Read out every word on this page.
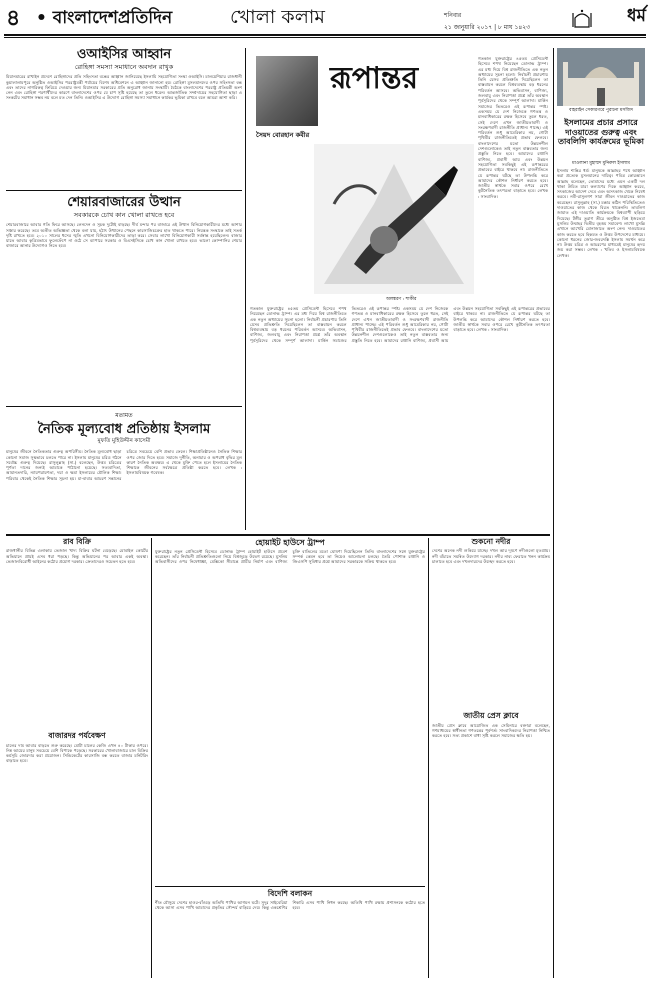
৪ • বাংলাদেশপ্রতিদিন	খোলা কলাম	শনিবার
২১ জানুয়ারি ২০১৭ | ৮ মাঘ ১৪২৩
ধর্ম
ওআইসির আহ্বান
রোহিঙ্গা সমস্যা সমাধানে অবদান রাখুক
মিয়ানমারের রাখাইন প্রদেশে রোহিঙ্গাদের প্রতি সহিংসতা বন্ধের আহ্বান জানিয়েছে ইসলামি সহযোগিতা সংস্থা ওআইসি। মালয়েশিয়ার রাজধানী কুয়ালালামপুরে অনুষ্ঠিত ওআইসির পররাষ্ট্রমন্ত্রী পর্যায়ের বিশেষ অধিবেশনে এ আহ্বান জানানো হয়। রোহিঙ্গা মুসলমানদের ওপর সহিংসতা বন্ধ এবং তাদের নাগরিকত্ব ফিরিয়ে দেওয়ার জন্য মিয়ানমার সরকারের প্রতি অনুরোধ জানায় সংস্থাটি। বৈঠকে বাংলাদেশের পররাষ্ট্র প্রতিমন্ত্রী অংশ নেন এবং রোহিঙ্গা শরণার্থীদের কারণে বাংলাদেশের ওপর যে চাপ সৃষ্টি হয়েছে তা তুলে ধরেন। আন্তর্জাতিক সম্প্রদায়ের সহযোগিতা ছাড়া এ সংকটের সমাধান সম্ভব নয় বলে মত দেন তিনি। ওআইসির এ উদ্যোগ রোহিঙ্গা সমস্যা সমাধানে কার্যকর ভূমিকা রাখবে বলে আমরা আশা করি।
শেয়ারবাজারের উত্থান
সবকারকে চোখ কান খোলা রাখতে হবে
শেয়ারবাজারে আবার গতি ফিরে আসছে। লেনদেন ও সূচক দুটোই বাড়ছে। দীর্ঘ মন্দার পর বাজারে এই উত্থান বিনিয়োগকারীদের মধ্যে আশার সঞ্চার করেছে। তবে অতীত অভিজ্ঞতা থেকে বলা যায়, হঠাৎ উত্থানের পেছনে কারসাজিচক্রের হাত থাকতে পারে। নিয়ন্ত্রক সংস্থাকে তাই সতর্ক দৃষ্টি রাখতে হবে। ২০১০ সালের ধসের স্মৃতি এখনো বিনিয়োগকারীদের তাড়া করে। সেবার লাখো বিনিয়োগকারী সর্বস্বান্ত হয়েছিলেন। বাজার যাতে আবার কৃত্রিমভাবে ফুলেফেঁপে না ওঠে সে ব্যাপারে সরকার ও বিএসইসিকে চোখ কান খোলা রাখতে হবে। ভালো কোম্পানির শেয়ার বাজারে আনার উদ্যোগও নিতে হবে।
মতামত
নৈতিক মূল্যবোধ প্রতিষ্ঠায় ইসলাম
মুফতি মুহিউদ্দীন কাসেমী
মানুষের জীবনে নৈতিকতার গুরুত্ব অপরিসীম। নৈতিক মূল্যবোধ ছাড়া কোনো সমাজ সুস্থভাবে চলতে পারে না। ইসলাম মানুষের চরিত্র গঠনে সর্বোচ্চ গুরুত্ব দিয়েছে। রাসুলুল্লাহ (সা.) বলেছেন, উত্তম চরিত্রের পূর্ণতা দানের জন্যই আমাকে পাঠানো হয়েছে। সত্যবাদিতা, আমানতদারি, ন্যায়পরায়ণতা, দয়া ও ক্ষমা ইসলামের মৌলিক শিক্ষা। পরিবার থেকেই নৈতিক শিক্ষার সূচনা হয়। মা-বাবার আচরণ সন্তানের চরিত্রে সবচেয়ে বেশি প্রভাব ফেলে। শিক্ষাপ্রতিষ্ঠানেও নৈতিক শিক্ষার ওপর জোর দিতে হবে। সমাজে দুর্নীতি, অনাচার ও অপরাধ বৃদ্ধির মূল কারণ নৈতিক অবক্ষয়। এ থেকে মুক্তি পেতে হলে ইসলামের নৈতিক শিক্ষাকে জীবনের সর্বক্ষেত্রে প্রতিষ্ঠা করতে হবে। লেখক : ইসলামবিষয়ক গবেষক।
রূপান্তর
সৈয়দ বোরহান কবীর
অলঙ্করণ : শাকীর
গতকাল যুক্তরাষ্ট্রের ৪৫তম প্রেসিডেন্ট হিসেবে শপথ নিয়েছেন ডোনাল্ড ট্রাম্প। এর মধ্য দিয়ে বিশ্ব রাজনীতিতে এক নতুন অধ্যায়ের সূচনা হলো। নির্বাচনী প্রচারণায় তিনি যেসব প্রতিশ্রুতি দিয়েছিলেন তা বাস্তবায়ন করলে বিশ্বব্যবস্থায় বড় ধরনের পরিবর্তন আসবে। অভিবাসন, বাণিজ্য, জলবায়ু এবং নিরাপত্তা প্রশ্নে তাঁর অবস্থান পূর্বসূরিদের থেকে সম্পূর্ণ আলাদা। মার্কিন সমাজের ভিতরেও এই রূপান্তর স্পষ্ট। একসময় যে দেশ নিজেকে গণতন্ত্র ও মানবাধিকারের রক্ষক হিসেবে তুলে ধরত, সেই দেশে এখন জাতীয়তাবাদী ও সংরক্ষণবাদী রাজনীতি প্রাধান্য পাচ্ছে। এই পরিবর্তন শুধু আমেরিকার নয়, গোটা পৃথিবীর রাজনীতিতেই প্রভাব ফেলবে। বাংলাদেশের মতো উন্নয়নশীল দেশগুলোকেও তাই নতুন বাস্তবতার জন্য প্রস্তুতি নিতে হবে। আমাদের রপ্তানি বাণিজ্য, প্রবাসী আয় এবং উন্নয়ন সহযোগিতা সবকিছুই এই রূপান্তরের প্রভাবের বাইরে থাকবে না। রাজনীতিতে যে রূপান্তর ঘটছে তা উপলব্ধি করে আমাদের কৌশল নির্ধারণ করতে হবে। জাতীয় স্বার্থকে সবার ওপরে রেখে কূটনৈতিক তৎপরতা বাড়াতে হবে। লেখক : সাংবাদিক।
গতকাল যুক্তরাষ্ট্রের ৪৫তম প্রেসিডেন্ট হিসেবে শপথ নিয়েছেন ডোনাল্ড ট্রাম্প। এর মধ্য দিয়ে বিশ্ব রাজনীতিতে এক নতুন অধ্যায়ের সূচনা হলো। নির্বাচনী প্রচারণায় তিনি যেসব প্রতিশ্রুতি দিয়েছিলেন তা বাস্তবায়ন করলে বিশ্বব্যবস্থায় বড় ধরনের পরিবর্তন আসবে। অভিবাসন, বাণিজ্য, জলবায়ু এবং নিরাপত্তা প্রশ্নে তাঁর অবস্থান পূর্বসূরিদের থেকে সম্পূর্ণ আলাদা। মার্কিন সমাজের ভিতরেও এই রূপান্তর স্পষ্ট। একসময় যে দেশ নিজেকে গণতন্ত্র ও মানবাধিকারের রক্ষক হিসেবে তুলে ধরত, সেই দেশে এখন জাতীয়তাবাদী ও সংরক্ষণবাদী রাজনীতি প্রাধান্য পাচ্ছে। এই পরিবর্তন শুধু আমেরিকার নয়, গোটা পৃথিবীর রাজনীতিতেই প্রভাব ফেলবে। বাংলাদেশের মতো উন্নয়নশীল দেশগুলোকেও তাই নতুন বাস্তবতার জন্য প্রস্তুতি নিতে হবে। আমাদের রপ্তানি বাণিজ্য, প্রবাসী আয় এবং উন্নয়ন সহযোগিতা সবকিছুই এই রূপান্তরের প্রভাবের বাইরে থাকবে না। রাজনীতিতে যে রূপান্তর ঘটছে তা উপলব্ধি করে আমাদের কৌশল নির্ধারণ করতে হবে। জাতীয় স্বার্থকে সবার ওপরে রেখে কূটনৈতিক তৎপরতা বাড়াতে হবে। লেখক : সাংবাদিক।
বাহরাইন সেকারগরে পুরানো মসজিদ
ইসলামের প্রচার প্রসারে দাওয়াতের গুরুত্ব এবং তাবলিগি কার্যক্রমের ভূমিকা
মাওলানা মুহাম্মদ মুনিরুল ইসলাম
ইসলাম শান্তির ধর্ম। মানুষকে আল্লাহর পথে আহ্বান করা প্রত্যেক মুসলমানের দায়িত্ব। পবিত্র কোরআনে আল্লাহ বলেছেন, তোমাদের মধ্যে এমন একটি দল থাকা উচিত যারা কল্যাণের দিকে আহ্বান করবে, সৎকাজের আদেশ দেবে এবং অসৎকাজ থেকে নিষেধ করবে। নবী-রাসুলগণ সারা জীবন দাওয়াতের কাজ করেছেন। রাসুলুল্লাহ (সা.) মক্কার কঠিন পরিস্থিতিতেও দাওয়াতের কাজ থেকে বিরত থাকেননি। তাবলিগ জামাত এই দাওয়াতি কার্যক্রমকে বিশ্বব্যাপী ছড়িয়ে দিয়েছে। টঙ্গীর তুরাগ তীরে অনুষ্ঠিত বিশ্ব ইজতেমা মুসলিম উম্মাহর দ্বিতীয় বৃহত্তম সমাবেশ। লাখো মুসল্লি এখানে আখেরি মোনাজাতে অংশ নেন। দাওয়াতের কাজ করতে হবে হিকমত ও উত্তম উপদেশের মাধ্যমে। কোনো ধরনের জোর-জবরদস্তি ইসলাম সমর্থন করে না। উত্তম চরিত্র ও আচরণের মাধ্যমেই মানুষের হৃদয় জয় করা সম্ভব। লেখক : খতিব ও ইসলামবিষয়ক লেখক।
রাব বিক্রি
রাজধানীর বিভিন্ন এলাকায় ভেজাল খাদ্য বিক্রির ঘটনা বেড়েছে। মোবাইল কোর্টের অভিযানে প্রায়ই এসব ধরা পড়ছে। কিন্তু অভিযানের পর আবার একই অবস্থা। ভেজালবিরোধী আইনের কঠোর প্রয়োগ দরকার। ক্রেতাদেরও সচেতন হতে হবে।
বাজারদর পর্যবেক্ষণ
চালের দাম আবার বাড়তে শুরু করেছে। মোটা চালের কেজি এখন ৪০ টাকার ওপরে। নিম্ন আয়ের মানুষ সবচেয়ে বেশি বিপাকে পড়েছে। সরকারের খোলাবাজারে চাল বিক্রির কর্মসূচি জোরদার করা প্রয়োজন। সিন্ডিকেটের কারসাজি বন্ধ করতে বাজার মনিটরিং বাড়াতে হবে।
হোয়াইট হাউসে ট্রাম্প
যুক্তরাষ্ট্রের নতুন প্রেসিডেন্ট হিসেবে ডোনাল্ড ট্রাম্প হোয়াইট হাউসে প্রবেশ করেছেন। তাঁর নির্বাচনী প্রতিশ্রুতিগুলো নিয়ে বিশ্বজুড়ে উদ্বেগ রয়েছে। মুসলিম অভিবাসীদের ওপর নিষেধাজ্ঞা, মেক্সিকো সীমান্তে প্রাচীর নির্মাণ এবং বাণিজ্য চুক্তি বাতিলের মতো ঘোষণা দিয়েছিলেন তিনি। বাংলাদেশের সঙ্গে যুক্তরাষ্ট্রের সম্পর্ক কেমন হবে তা নিয়েও আলোচনা চলছে। তৈরি পোশাক রপ্তানি ও জিএসপি সুবিধার প্রশ্নে আমাদের সরকারকে সক্রিয় থাকতে হবে।
বিদেশি বলাকন
শীত মৌসুমে দেশের হাওর-বাঁওড়ে অতিথি পাখির আগমন ঘটে। সুদূর সাইবেরিয়া থেকে আসা এসব পাখি আমাদের প্রকৃতির সৌন্দর্য বাড়িয়ে দেয়। কিন্তু একশ্রেণির শিকারি এসব পাখি নিধন করছে। অতিথি পাখি রক্ষায় প্রশাসনকে কঠোর হতে হবে।
শুকনো নদীর
দেশের অনেক নদী শুকিয়ে যাচ্ছে। দখল আর দূষণে নদীগুলো মৃতপ্রায়। নদী বাঁচাতে সমন্বিত উদ্যোগ দরকার। নদীর নাব্য ফেরাতে খনন কার্যক্রম চালাতে হবে এবং দখলদারদের উচ্ছেদ করতে হবে।
জাতীয় প্রেস ক্লাবে
জাতীয় প্রেস ক্লাবে আয়োজিত এক সেমিনারে বক্তারা বলেছেন, গণমাধ্যমের স্বাধীনতা গণতন্ত্রের পূর্বশর্ত। সাংবাদিকদের নিরাপত্তা নিশ্চিত করতে হবে। সত্য প্রকাশে বাধা সৃষ্টি করলে সমাজের ক্ষতি হয়।
